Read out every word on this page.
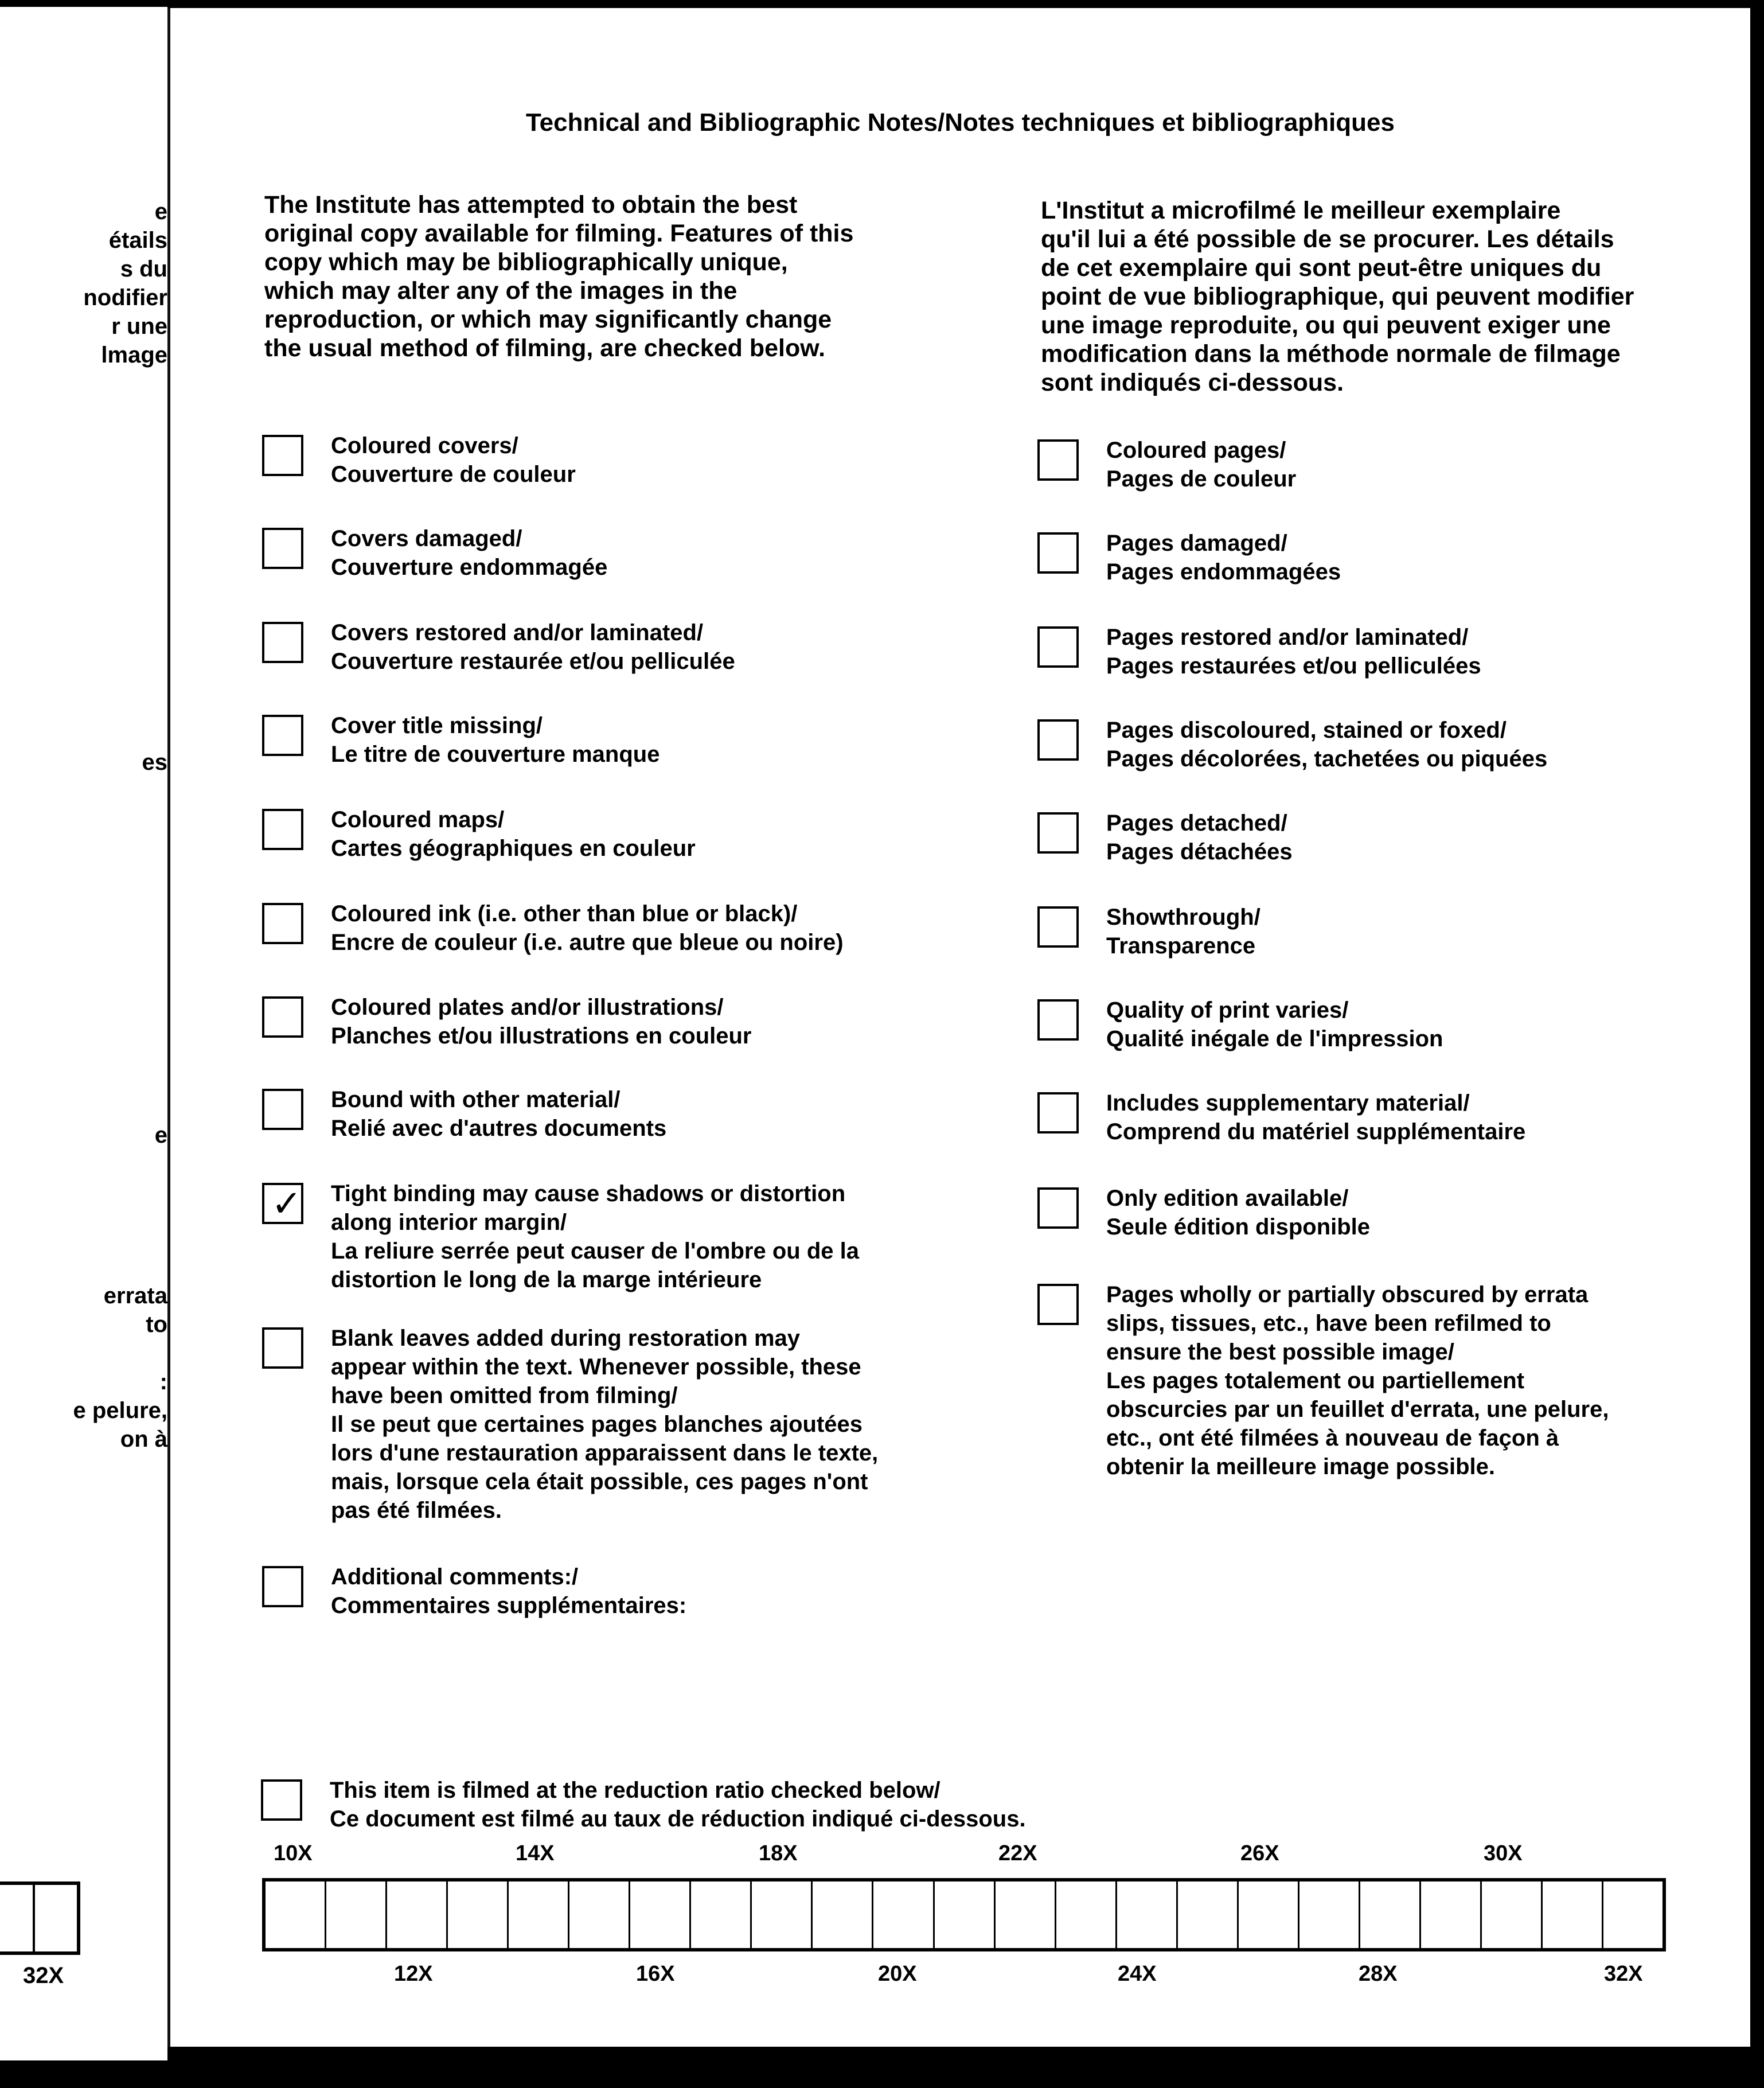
e
étails
s du
nodifier
r une
lmage
es
e
errata
to
:
e pelure,
on à
32X
Technical and Bibliographic Notes/Notes techniques et bibliographiques
The Institute has attempted to obtain the best
original copy available for filming. Features of this
copy which may be bibliographically unique,
which may alter any of the images in the
reproduction, or which may significantly change
the usual method of filming, are checked below.
L'Institut a microfilmé le meilleur exemplaire
qu'il lui a été possible de se procurer. Les détails
de cet exemplaire qui sont peut-être uniques du
point de vue bibliographique, qui peuvent modifier
une image reproduite, ou qui peuvent exiger une
modification dans la méthode normale de filmage
sont indiqués ci-dessous.
Coloured covers/
Couverture de couleur
Covers damaged/
Couverture endommagée
Covers restored and/or laminated/
Couverture restaurée et/ou pelliculée
Cover title missing/
Le titre de couverture manque
Coloured maps/
Cartes géographiques en couleur
Coloured ink (i.e. other than blue or black)/
Encre de couleur (i.e. autre que bleue ou noire)
Coloured plates and/or illustrations/
Planches et/ou illustrations en couleur
Bound with other material/
Relié avec d'autres documents
✓ Tight binding may cause shadows or distortion
along interior margin/
La reliure serrée peut causer de l'ombre ou de la
distortion le long de la marge intérieure
Blank leaves added during restoration may
appear within the text. Whenever possible, these
have been omitted from filming/
Il se peut que certaines pages blanches ajoutées
lors d'une restauration apparaissent dans le texte,
mais, lorsque cela était possible, ces pages n'ont
pas été filmées.
Additional comments:/
Commentaires supplémentaires:
Coloured pages/
Pages de couleur
Pages damaged/
Pages endommagées
Pages restored and/or laminated/
Pages restaurées et/ou pelliculées
Pages discoloured, stained or foxed/
Pages décolorées, tachetées ou piquées
Pages detached/
Pages détachées
Showthrough/
Transparence
Quality of print varies/
Qualité inégale de l'impression
Includes supplementary material/
Comprend du matériel supplémentaire
Only edition available/
Seule édition disponible
Pages wholly or partially obscured by errata
slips, tissues, etc., have been refilmed to
ensure the best possible image/
Les pages totalement ou partiellement
obscurcies par un feuillet d'errata, une pelure,
etc., ont été filmées à nouveau de façon à
obtenir la meilleure image possible.
This item is filmed at the reduction ratio checked below/
Ce document est filmé au taux de réduction indiqué ci-dessous.
10X	14X	18X	22X	26X	30X
12X	16X	20X	24X	28X	32X
